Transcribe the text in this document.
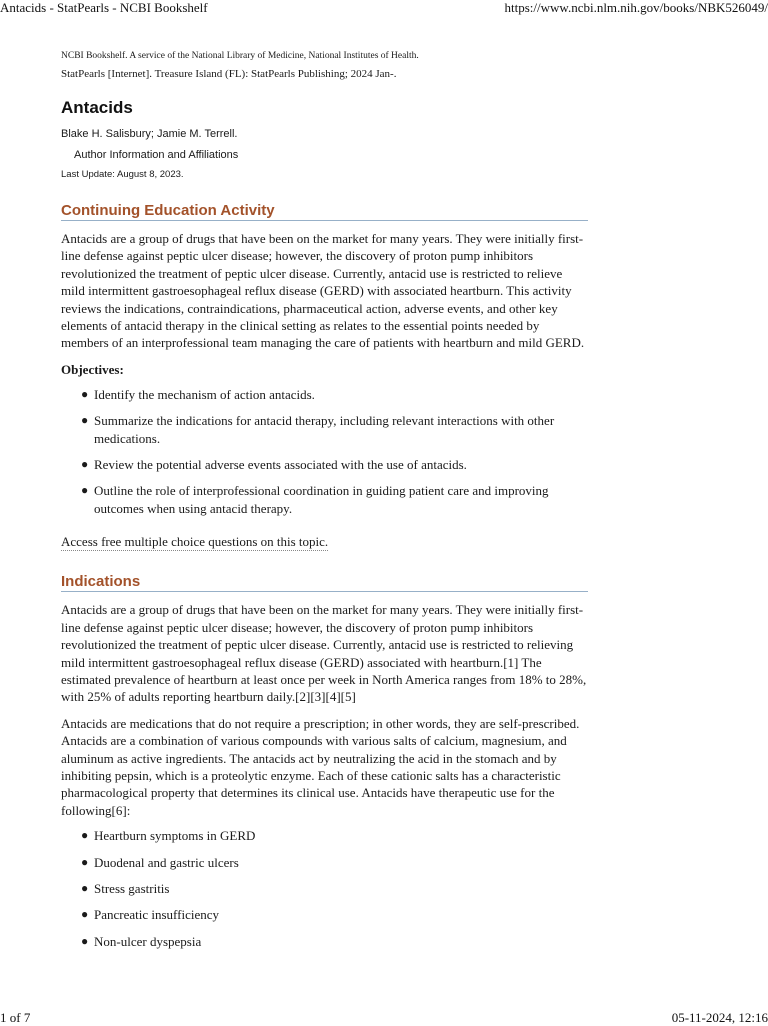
Antacids - StatPearls - NCBI Bookshelf	https://www.ncbi.nlm.nih.gov/books/NBK526049/

NCBI Bookshelf. A service of the National Library of Medicine, National Institutes of Health.

StatPearls [Internet]. Treasure Island (FL): StatPearls Publishing; 2024 Jan-.

Antacids

Blake H. Salisbury; Jamie M. Terrell.

Author Information and Affiliations

Last Update: August 8, 2023.

Continuing Education Activity

Antacids are a group of drugs that have been on the market for many years. They were initially first-line defense against peptic ulcer disease; however, the discovery of proton pump inhibitors revolutionized the treatment of peptic ulcer disease. Currently, antacid use is restricted to relieve mild intermittent gastroesophageal reflux disease (GERD) with associated heartburn. This activity reviews the indications, contraindications, pharmaceutical action, adverse events, and other key elements of antacid therapy in the clinical setting as relates to the essential points needed by members of an interprofessional team managing the care of patients with heartburn and mild GERD.

Objectives:

● Identify the mechanism of action antacids.
● Summarize the indications for antacid therapy, including relevant interactions with other medications.
● Review the potential adverse events associated with the use of antacids.
● Outline the role of interprofessional coordination in guiding patient care and improving outcomes when using antacid therapy.
Access free multiple choice questions on this topic.
Indications

Antacids are a group of drugs that have been on the market for many years. They were initially first-line defense against peptic ulcer disease; however, the discovery of proton pump inhibitors revolutionized the treatment of peptic ulcer disease. Currently, antacid use is restricted to relieving mild intermittent gastroesophageal reflux disease (GERD) associated with heartburn.[1] The estimated prevalence of heartburn at least once per week in North America ranges from 18% to 28%, with 25% of adults reporting heartburn daily.[2][3][4][5]

Antacids are medications that do not require a prescription; in other words, they are self-prescribed. Antacids are a combination of various compounds with various salts of calcium, magnesium, and aluminum as active ingredients. The antacids act by neutralizing the acid in the stomach and by inhibiting pepsin, which is a proteolytic enzyme. Each of these cationic salts has a characteristic pharmacological property that determines its clinical use. Antacids have therapeutic use for the following[6]:

● Heartburn symptoms in GERD
● Duodenal and gastric ulcers
● Stress gastritis
● Pancreatic insufficiency
● Non-ulcer dyspepsia
1 of 7	05-11-2024, 12:16
